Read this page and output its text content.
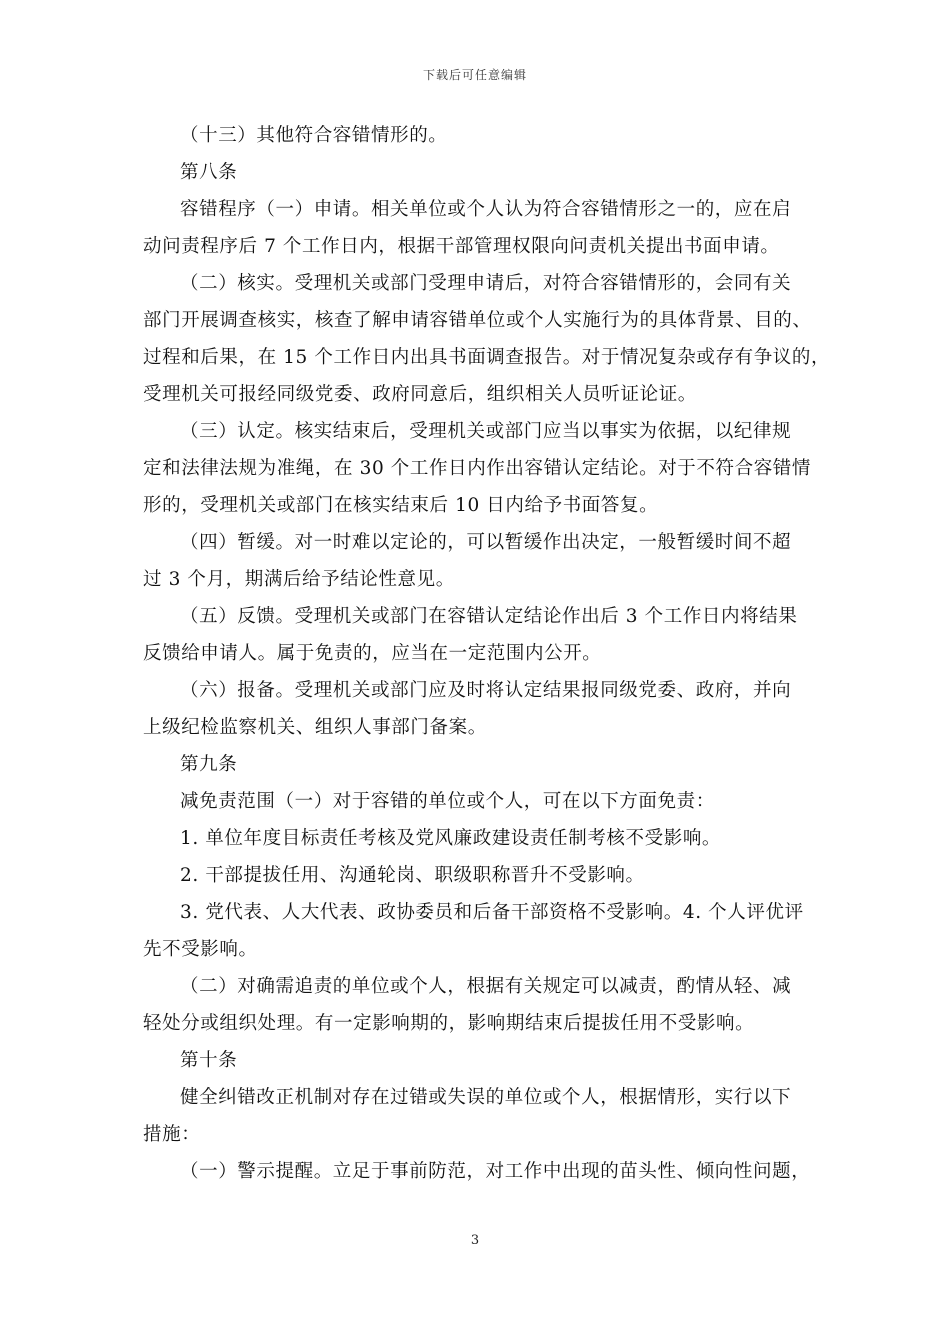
下载后可任意编辑
（十三）其他符合容错情形的。
第八条
容错程序（一）申请。相关单位或个人认为符合容错情形之一的，应在启
动问责程序后 7 个工作日内，根据干部管理权限向问责机关提出书面申请。
（二）核实。受理机关或部门受理申请后，对符合容错情形的，会同有关
部门开展调查核实，核查了解申请容错单位或个人实施行为的具体背景、目的、
过程和后果，在 15 个工作日内出具书面调查报告。对于情况复杂或存有争议的，
受理机关可报经同级党委、政府同意后，组织相关人员听证论证。
（三）认定。核实结束后，受理机关或部门应当以事实为依据，以纪律规
定和法律法规为准绳，在 30 个工作日内作出容错认定结论。对于不符合容错情
形的，受理机关或部门在核实结束后 10 日内给予书面答复。
（四）暂缓。对一时难以定论的，可以暂缓作出决定，一般暂缓时间不超
过 3 个月，期满后给予结论性意见。
（五）反馈。受理机关或部门在容错认定结论作出后 3 个工作日内将结果
反馈给申请人。属于免责的，应当在一定范围内公开。
（六）报备。受理机关或部门应及时将认定结果报同级党委、政府，并向
上级纪检监察机关、组织人事部门备案。
第九条
减免责范围（一）对于容错的单位或个人，可在以下方面免责：
1. 单位年度目标责任考核及党风廉政建设责任制考核不受影响。
2. 干部提拔任用、沟通轮岗、职级职称晋升不受影响。
3. 党代表、人大代表、政协委员和后备干部资格不受影响。4. 个人评优评
先不受影响。
（二）对确需追责的单位或个人，根据有关规定可以减责，酌情从轻、减
轻处分或组织处理。有一定影响期的，影响期结束后提拔任用不受影响。
第十条
健全纠错改正机制对存在过错或失误的单位或个人，根据情形，实行以下
措施：
（一）警示提醒。立足于事前防范，对工作中出现的苗头性、倾向性问题，
3
